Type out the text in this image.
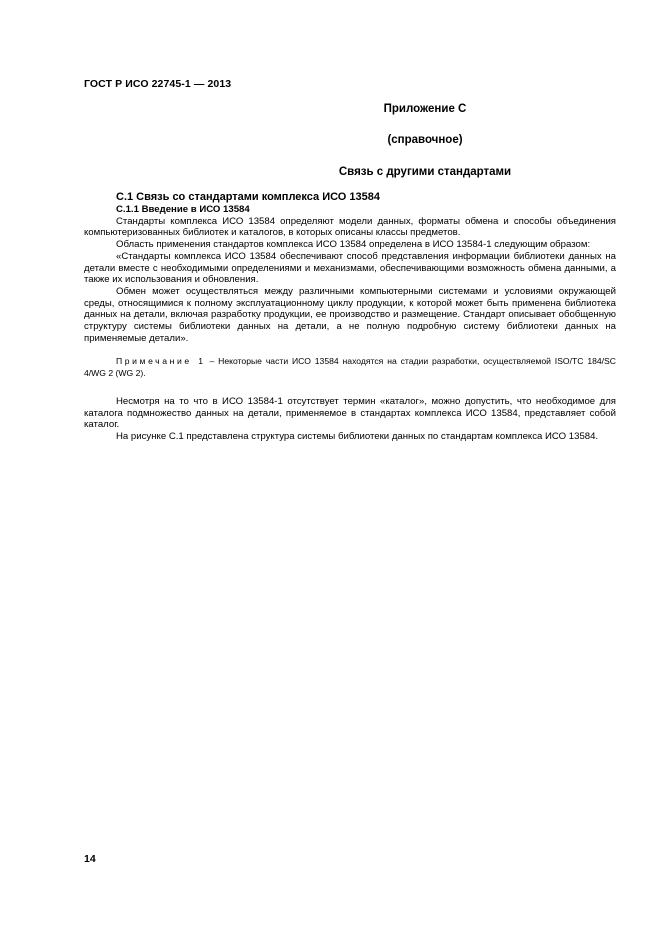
ГОСТ Р ИСО 22745-1 — 2013
Приложение С
(справочное)
Связь с другими стандартами

С.1 Связь со стандартами комплекса ИСО 13584

С.1.1 Введение в ИСО 13584

Стандарты комплекса ИСО 13584 определяют модели данных, форматы обмена и способы объединения компьютеризованных библиотек и каталогов, в которых описаны классы предметов.

Область применения стандартов комплекса ИСО 13584 определена в ИСО 13584-1 следующим образом:

«Стандарты комплекса ИСО 13584 обеспечивают способ представления информации библиотеки данных на детали вместе с необходимыми определениями и механизмами, обеспечивающими возможность обмена данными, а также их использования и обновления.

Обмен может осуществляться между различными компьютерными системами и условиями окружающей среды, относящимися к полному эксплуатационному циклу продукции, к которой может быть применена библиотека данных на детали, включая разработку продукции, ее производство и размещение. Стандарт описывает обобщенную структуру системы библиотеки данных на детали, а не полную подробную систему библиотеки данных на применяемые детали».

Примечание 1 – Некоторые части ИСО 13584 находятся на стадии разработки, осуществляемой ISO/TC 184/SC 4/WG 2 (WG 2).

Несмотря на то что в ИСО 13584-1 отсутствует термин «каталог», можно допустить, что необходимое для каталога подмножество данных на детали, применяемое в стандартах комплекса ИСО 13584, представляет собой каталог.

На рисунке С.1 представлена структура системы библиотеки данных по стандартам комплекса ИСО 13584.

14
